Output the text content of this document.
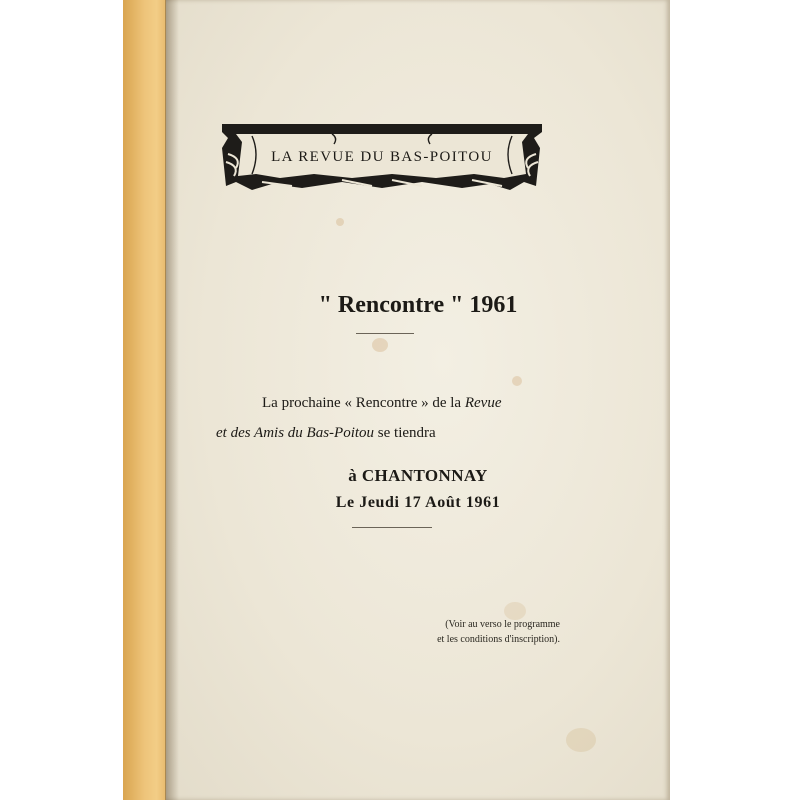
LA REVUE DU BAS-POITOU
" Rencontre " 1961
La prochaine « Rencontre » de la Revue
et des Amis du Bas-Poitou se tiendra
à CHANTONNAY
Le Jeudi 17 Août 1961
(Voir au verso le programme
et les conditions d'inscription).
